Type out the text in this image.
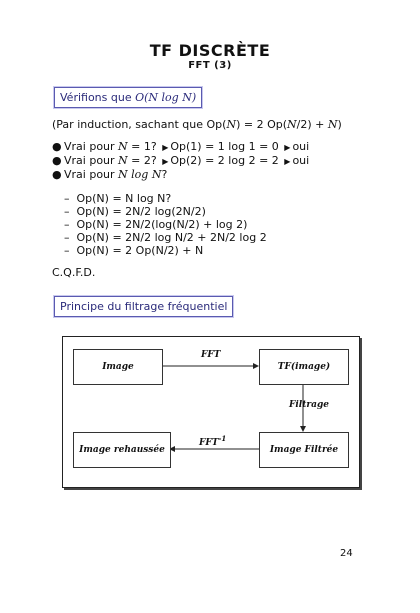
TF DISCRÈTE
FFT (3)
Vérifions que O(N log N)
(Par induction, sachant que Op(N) = 2 Op(N/2) + N)
● Vrai pour N = 1? ▶ Op(1) = 1 log 1 = 0 ▶ oui
● Vrai pour N = 2? ▶ Op(2) = 2 log 2 = 2 ▶ oui
● Vrai pour N log N?
–  Op(N) = N log N?
–  Op(N) = 2N/2 log(2N/2)
–  Op(N) = 2N/2(log(N/2) + log 2)
–  Op(N) = 2N/2 log N/2 + 2N/2 log 2
–  Op(N) = 2 Op(N/2) + N
C.Q.F.D.
Principe du filtrage fréquentiel
Image	TF(image)
Image Filtrée
Image rehaussée
FFT
Filtrage
$FFT^{-1}$
24
